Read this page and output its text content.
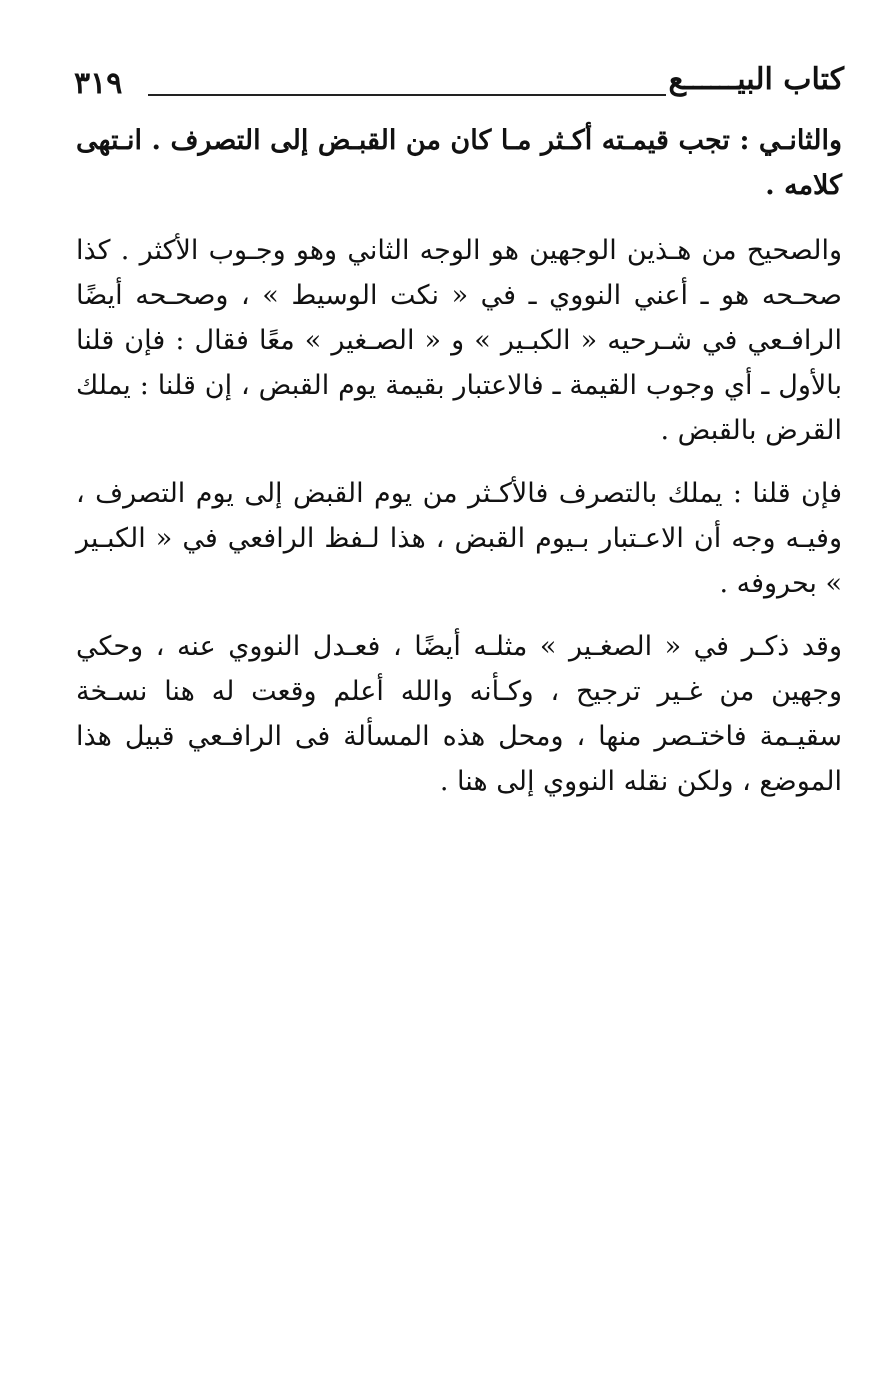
٣١٩	كتاب البيــــــع

والثانـي : تجب قيمـته أكـثر مـا كان من القبـض إلى التصرف . انـتهى كلامه .

والصحيح من هـذين الوجهين هو الوجه الثاني وهو وجـوب الأكثر . كذا صحـحه هو ـ أعني النووي ـ في « نكت الوسيط » ، وصحـحه أيضًا الرافـعي في شـرحيه « الكبـير » و « الصـغير » معًا فقال : فإن قلنا بالأول ـ أي وجوب القيمة ـ فالاعتبار بقيمة يوم القبض ، إن قلنا : يملك القرض بالقبض .

فإن قلنا : يملك بالتصرف فالأكـثر من يوم القبض إلى يوم التصرف ، وفيـه وجه أن الاعـتبار بـيوم القبض ، هذا لـفظ الرافعي في « الكبـير » بحروفه .

وقد ذكـر في « الصغـير » مثلـه أيضًا ، فعـدل النووي عنه ، وحكي وجهين من غـير ترجيح ، وكـأنه والله أعلم وقعت له هنا نسـخة سقيـمة فاختـصر منها ، ومحل هذه المسألة فى الرافـعي قبيل هذا الموضع ، ولكن نقله النووي إلى هنا .
